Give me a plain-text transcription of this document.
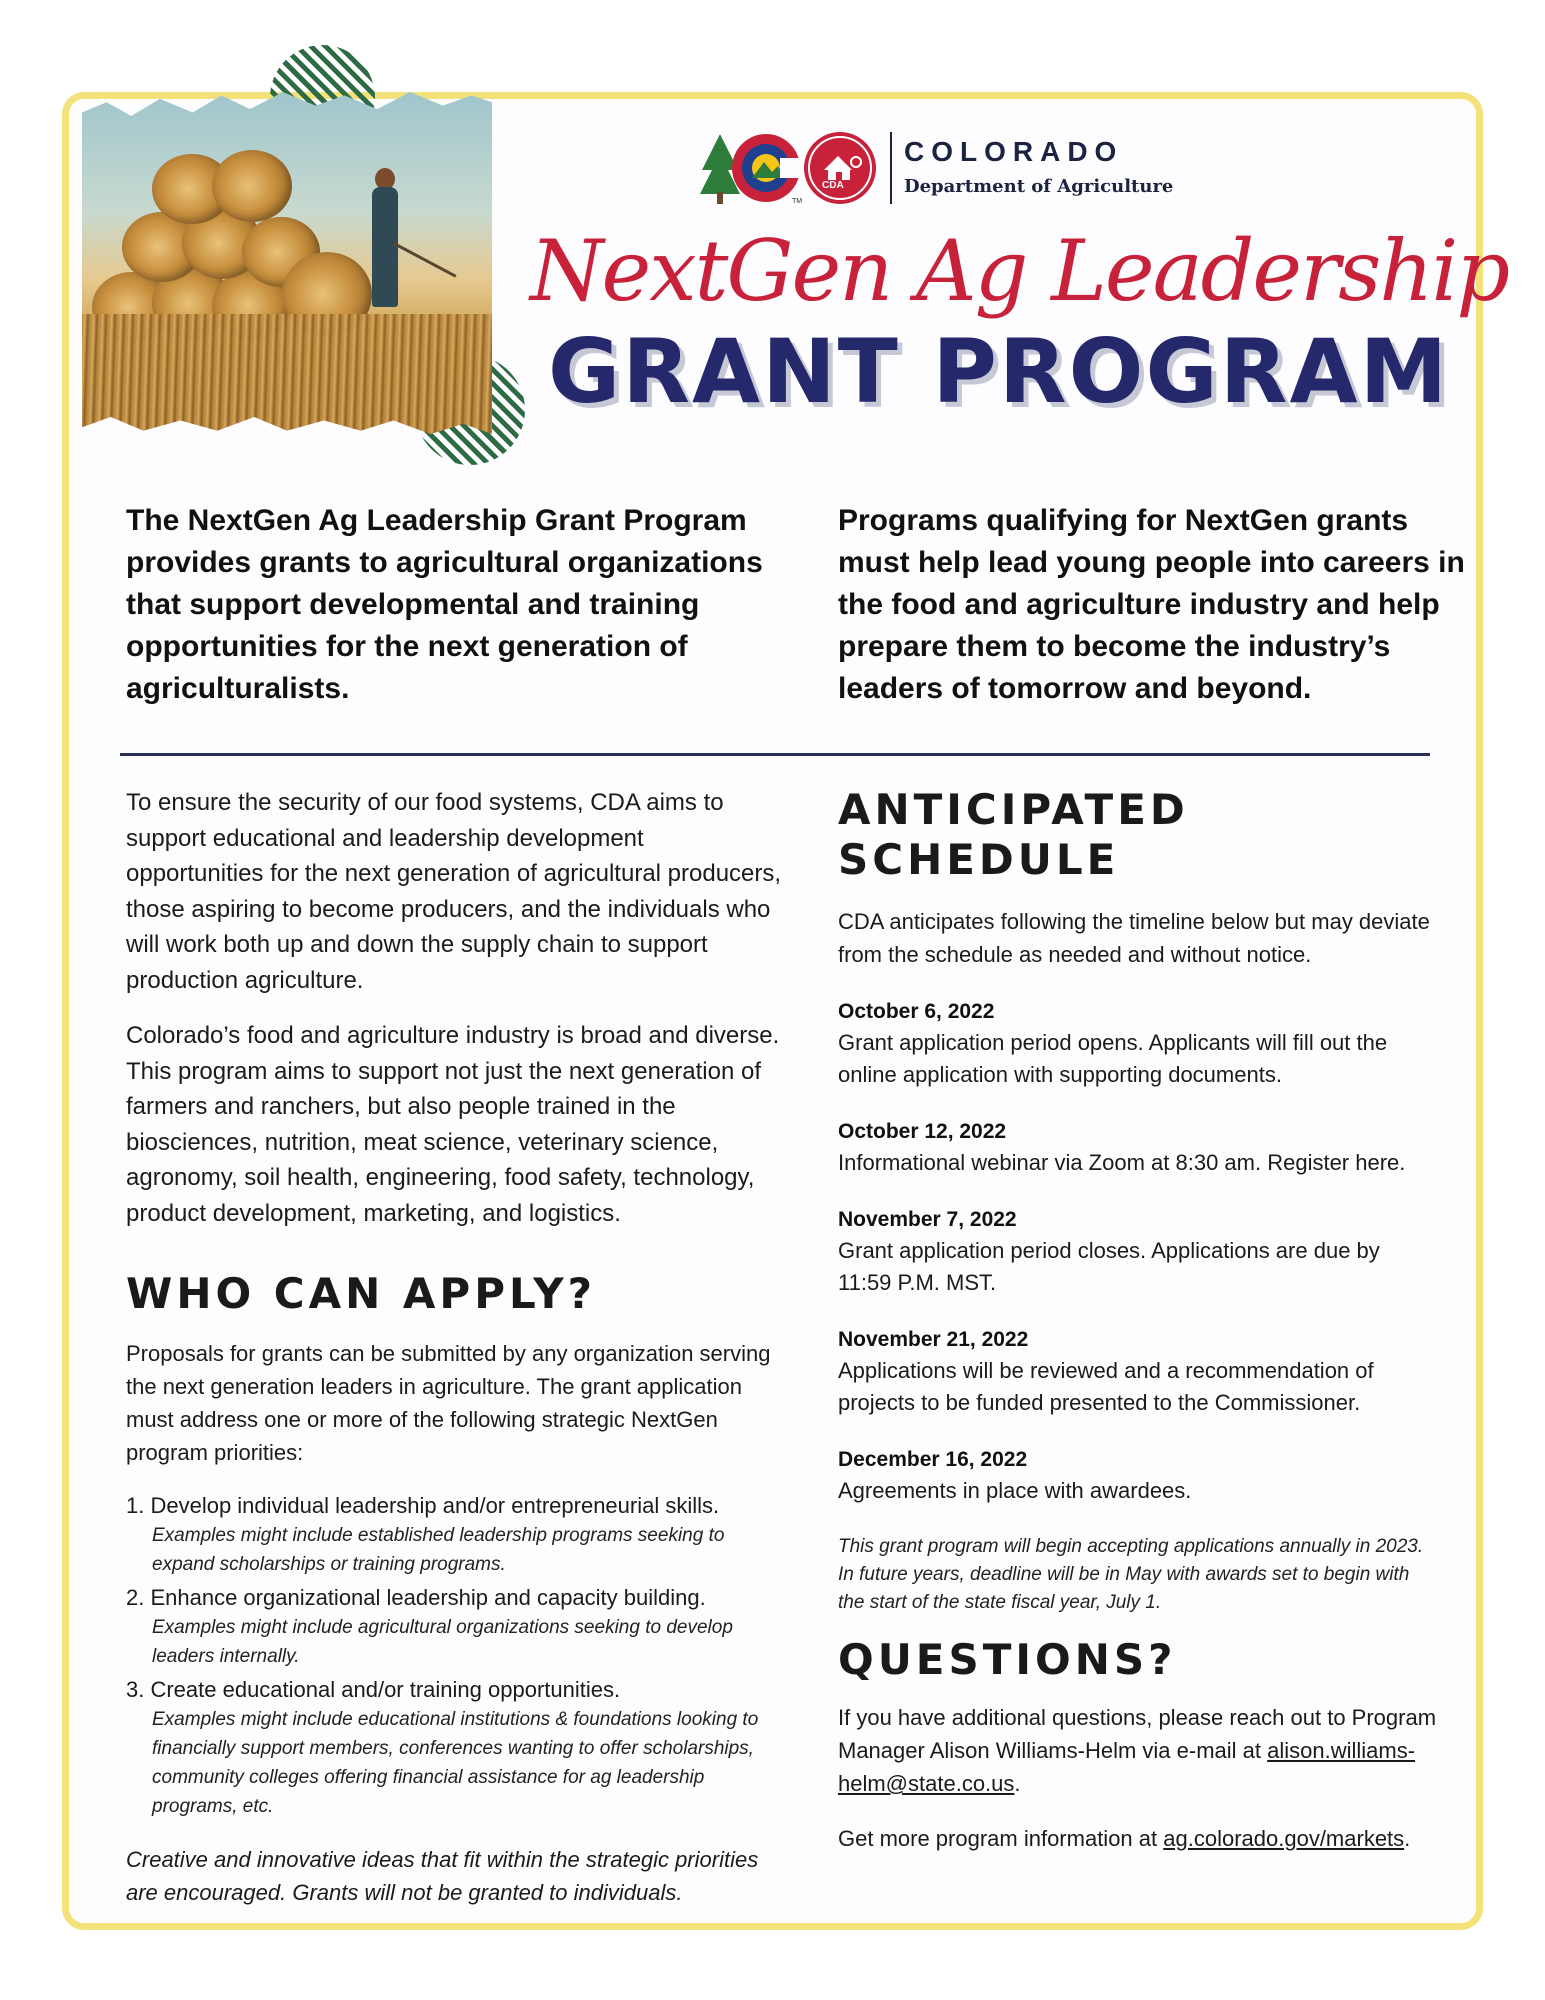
TM
CDA
COLORADO
Department of Agriculture
NextGen Ag Leadership
GRANT PROGRAM
The NextGen Ag Leadership Grant Program provides grants to agricultural organizations that support developmental and training opportunities for the next generation of agriculturalists.
Programs qualifying for NextGen grants must help lead young people into careers in the food and agriculture industry and help prepare them to become the industry’s leaders of tomorrow and beyond.

To ensure the security of our food systems, CDA aims to support educational and leadership development opportunities for the next generation of agricultural producers, those aspiring to become producers, and the individuals who will work both up and down the supply chain to support production agriculture.

Colorado’s food and agriculture industry is broad and diverse. This program aims to support not just the next generation of farmers and ranchers, but also people trained in the biosciences, nutrition, meat science, veterinary science, agronomy, soil health, engineering, food safety, technology, product development, marketing, and logistics.

WHO CAN APPLY?

Proposals for grants can be submitted by any organization serving the next generation leaders in agriculture. The grant application must address one or more of the following strategic NextGen program priorities:

1. Develop individual leadership and/or entrepreneurial skills.
Examples might include established leadership programs seeking to expand scholarships or training programs.
2. Enhance organizational leadership and capacity building.
Examples might include agricultural organizations seeking to develop leaders internally.
3. Create educational and/or training opportunities.
Examples might include educational institutions & foundations looking to financially support members, conferences wanting to offer scholarships, community colleges offering financial assistance for ag leadership programs, etc.

Creative and innovative ideas that fit within the strategic priorities are encouraged. Grants will not be granted to individuals.

ANTICIPATED SCHEDULE

CDA anticipates following the timeline below but may deviate from the schedule as needed and without notice.

October 6, 2022
Grant application period opens. Applicants will fill out the online application with supporting documents.
October 12, 2022
Informational webinar via Zoom at 8:30 am. Register here.
November 7, 2022
Grant application period closes. Applications are due by 11:59 P.M. MST.
November 21, 2022
Applications will be reviewed and a recommendation of projects to be funded presented to the Commissioner.
December 16, 2022
Agreements in place with awardees.

This grant program will begin accepting applications annually in 2023. In future years, deadline will be in May with awards set to begin with the start of the state fiscal year, July 1.

QUESTIONS?

If you have additional questions, please reach out to Program Manager Alison Williams-Helm via e-mail at alison.williams-helm@state.co.us.

Get more program information at ag.colorado.gov/markets.
